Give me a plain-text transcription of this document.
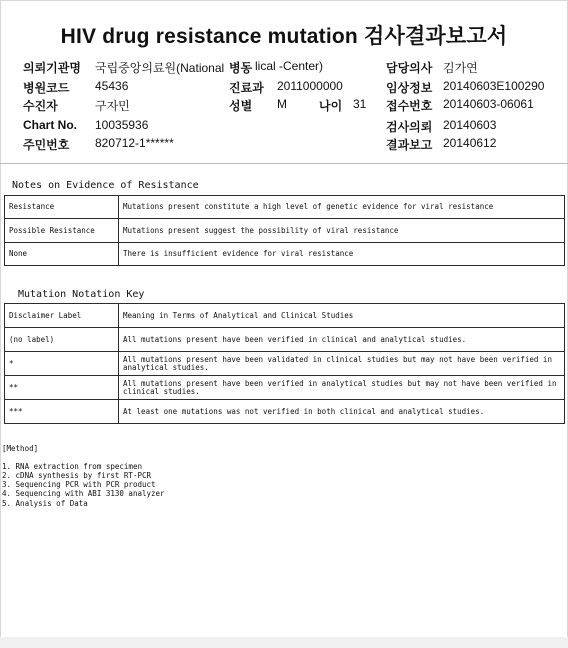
HIV drug resistance mutation 검사결과보고서
의뢰기관명 국립중앙의료원(National 병동 lical -Center)	담당의사 김가연
병원코드 45436	진료과 2011000000	임상정보 20140603E100290
수진자	구자민	성별 M	나이 31 접수번호 20140603-06061
Chart No. 10035936	검사의뢰 20140603
주민번호 820712-1******	결과보고 20140612
Notes on Evidence of Resistance
Resistance	Mutations present constitute a high level of genetic evidence for viral resistance
Possible Resistance	Mutations present suggest the possibility of viral resistance
None	There is insufficient evidence for viral resistance
Mutation Notation Key
Disclaimer Label	Meaning in Terms of Analytical and Clinical Studies
(no label)	All mutations present have been verified in clinical and analytical studies.
*	All mutations present have been validated in clinical studies but may not have been verified in analytical studies.
**	All mutations present have been verified in analytical studies but may not have been verified in clinical studies.
***	At least one mutations was not verified in both clinical and analytical studies.
[Method]
1. RNA extraction from specimen
2. cDNA synthesis by first RT-PCR
3. Sequencing PCR with PCR product
4. Sequencing with ABI 3130 analyzer
5. Analysis of Data
